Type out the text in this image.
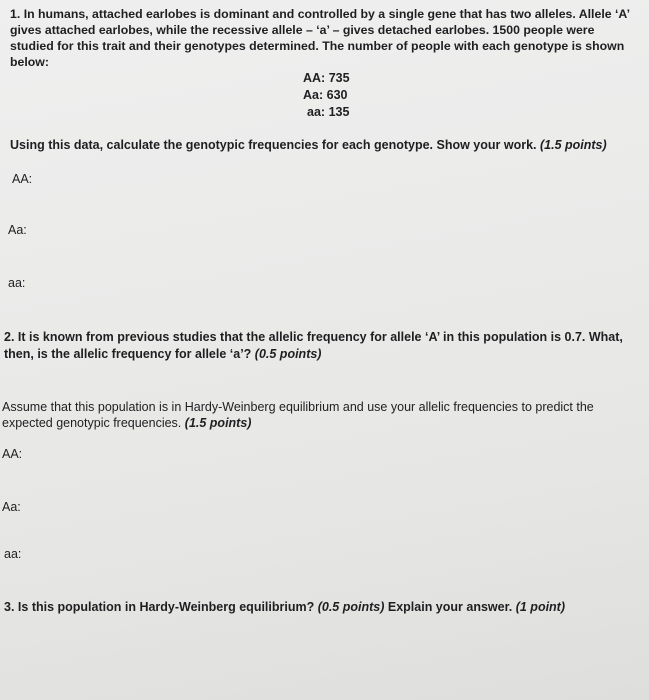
1. In humans, attached earlobes is dominant and controlled by a single gene that has two alleles. Allele ‘A’ gives attached earlobes, while the recessive allele – ‘a’ – gives detached earlobes. 1500 people were studied for this trait and their genotypes determined. The number of people with each genotype is shown below:
AA: 735
Aa: 630
aa: 135
Using this data, calculate the genotypic frequencies for each genotype. Show your work. (1.5 points)
AA:
Aa:
aa:
2. It is known from previous studies that the allelic frequency for allele ‘A’ in this population is 0.7. What,
then, is the allelic frequency for allele ‘a’? (0.5 points)
Assume that this population is in Hardy-Weinberg equilibrium and use your allelic frequencies to predict the
expected genotypic frequencies. (1.5 points)
AA:
Aa:
aa:
3. Is this population in Hardy-Weinberg equilibrium? (0.5 points) Explain your answer. (1 point)
